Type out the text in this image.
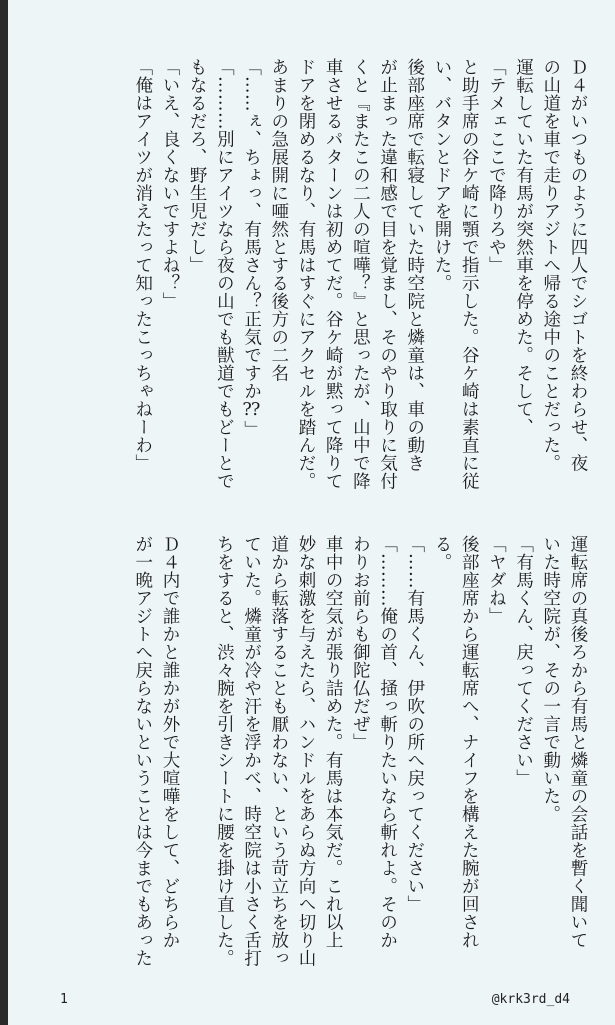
Ｄ４がいつものように四人でシゴトを終わらせ、夜
の山道を車で走りアジトへ帰る途中のことだった。
運転していた有馬が突然車を停めた。そして、
「テメェここで降りろや」
と助手席の谷ケ崎に顎で指示した。谷ケ崎は素直に従
い、バタンとドアを開けた。
後部座席で転寝していた時空院と燐童は、車の動き
が止まった違和感で目を覚まし、そのやり取りに気付
くと『またこの二人の喧嘩？』と思ったが、山中で降
車させるパターンは初めてだ。谷ケ崎が黙って降りて
ドアを閉めるなり、有馬はすぐにアクセルを踏んだ。
あまりの急展開に唖然とする後方の二名
「……ぇ、ちょっ、有馬さん？正気ですか⁇」
「………別にアイツなら夜の山でも獣道でもどーとで
もなるだろ、野生児だし」
「いえ、良くないですよね？」
「俺はアイツが消えたって知ったこっちゃねーわ」
運転席の真後ろから有馬と燐童の会話を暫く聞いて
いた時空院が、その一言で動いた。
「有馬くん、戻ってください」
「ヤダね」
後部座席から運転席へ、ナイフを構えた腕が回され
る。
「……有馬くん、伊吹の所へ戻ってください」
「………俺の首、掻っ斬りたいなら斬れよ。そのか
わりお前らも御陀仏だぜ」
車中の空気が張り詰めた。有馬は本気だ。これ以上
妙な刺激を与えたら、ハンドルをあらぬ方向へ切り山
道から転落することも厭わない、という苛立ちを放っ
ていた。燐童が冷や汗を浮かべ、時空院は小さく舌打
ちをすると、渋々腕を引きシートに腰を掛け直した。
Ｄ４内で誰かと誰かが外で大喧嘩をして、どちらか
が一晩アジトへ戻らないということは今までもあった
1	@krk3rd_d4
